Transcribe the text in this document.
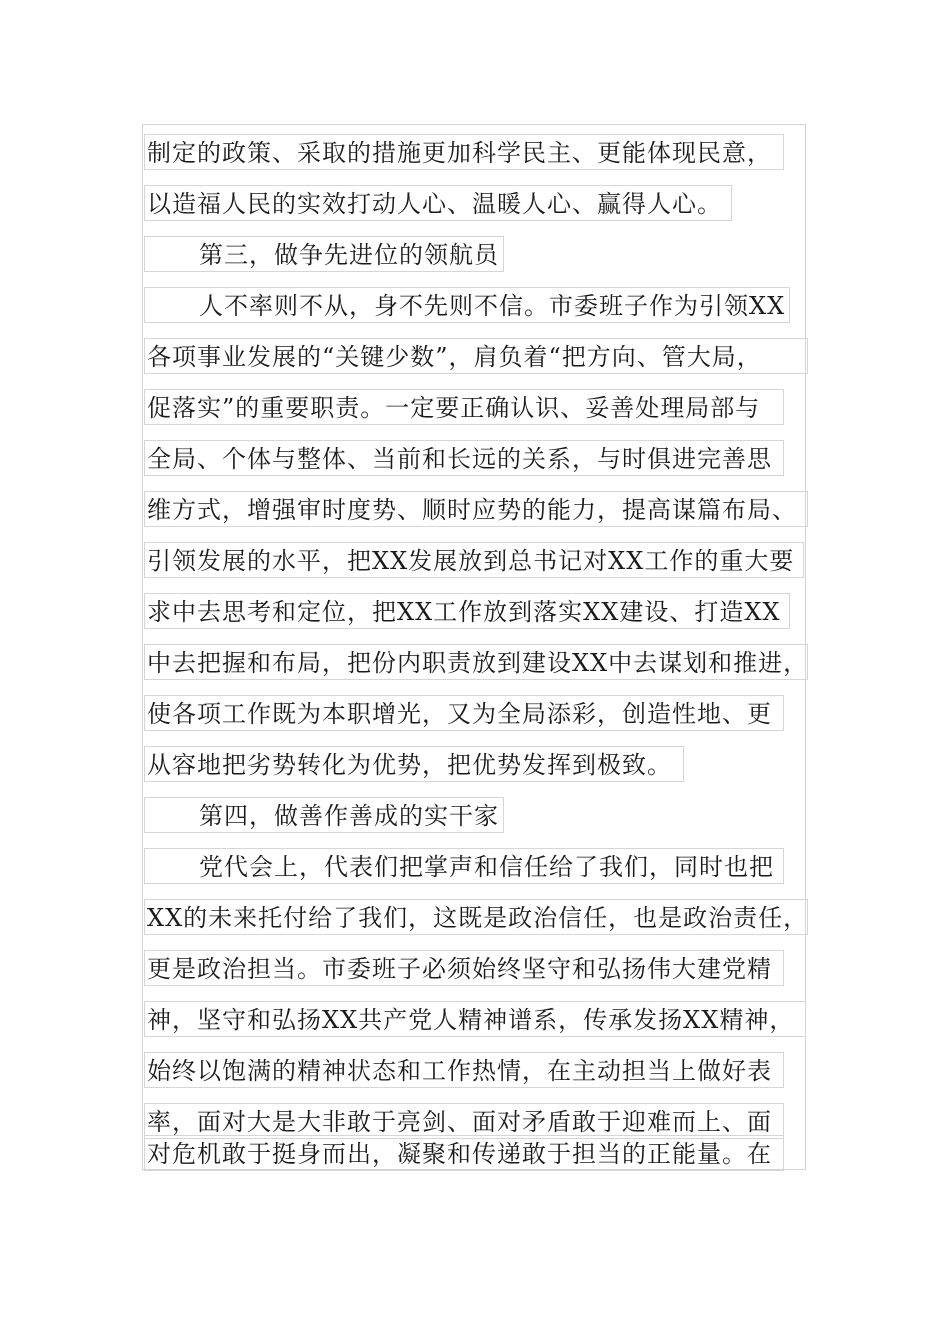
制定的政策、采取的措施更加科学民主、更能体现民意，
以造福人民的实效打动人心、温暖人心、赢得人心。
第三，做争先进位的领航员
人不率则不从，身不先则不信。市委班子作为引领XX
各项事业发展的“关键少数”，肩负着“把方向、管大局，
促落实”的重要职责。一定要正确认识、妥善处理局部与
全局、个体与整体、当前和长远的关系，与时俱进完善思
维方式，增强审时度势、顺时应势的能力，提高谋篇布局、
引领发展的水平，把XX发展放到总书记对XX工作的重大要
求中去思考和定位，把XX工作放到落实XX建设、打造XX
中去把握和布局，把份内职责放到建设XX中去谋划和推进，
使各项工作既为本职增光，又为全局添彩，创造性地、更
从容地把劣势转化为优势，把优势发挥到极致。
第四，做善作善成的实干家
党代会上，代表们把掌声和信任给了我们，同时也把
XX的未来托付给了我们，这既是政治信任，也是政治责任，
更是政治担当。市委班子必须始终坚守和弘扬伟大建党精
神，坚守和弘扬XX共产党人精神谱系，传承发扬XX精神，
始终以饱满的精神状态和工作热情，在主动担当上做好表
率，面对大是大非敢于亮剑、面对矛盾敢于迎难而上、面
对危机敢于挺身而出，凝聚和传递敢于担当的正能量。在
